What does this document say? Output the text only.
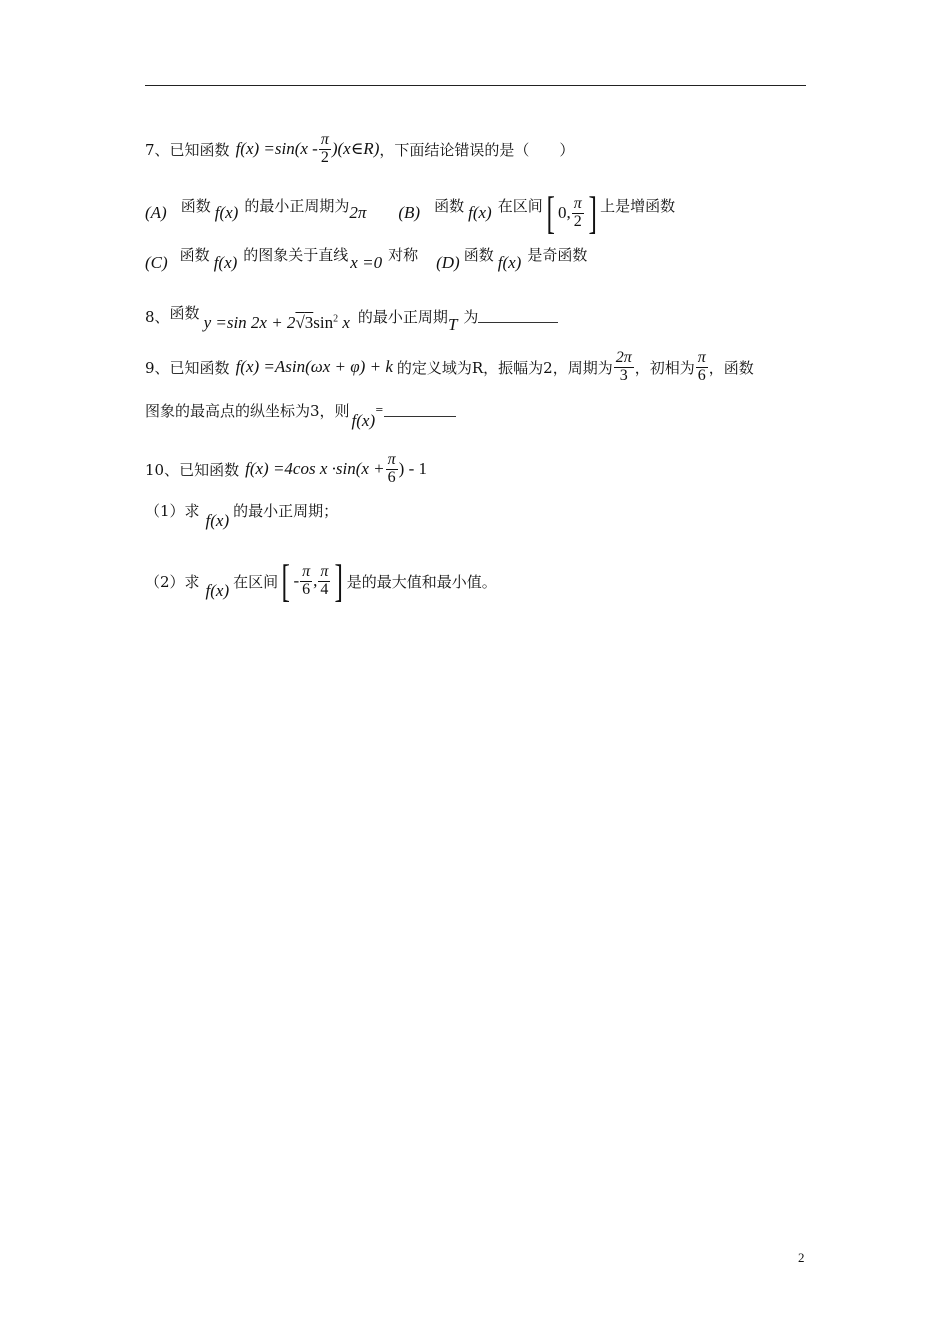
7、 已知函数 $f(x) =\sin(x - \frac{\pi}{2}$ )(x∈R) ，下面结论错误的是（　　）
(A) 函数 f(x) 的最小正周期为 2π (B) 函数 f(x) 在区间 [ 0, $\frac{\pi}{2}$ ] 上是增函数
(C) 函数 f(x) 的图象关于直线 x =0 对称 (D) 函数 f(x) 是奇函数
8、 函数 y =sin $2x + 2√3\sin^2$ x 的最小正周期 T 为
9、 已知函数 f(x) =Asin(ωx + φ) + k 的定义域为R，振幅为2，周期为 $\frac{2\pi}{3}$ ，初相为 $\frac{\pi}{6}$ ，函数
图象的最高点的纵坐标为3，则 f(x) =
10、 已知函数 f(x) =4cos $x \cdot\sin(x + \frac{\pi}{6}$ ) - 1
（1）求 f(x) 的最小正周期；
（2）求 f(x) 在区间 [ - $\frac{\pi}{6}$ , $\frac{\pi}{4}$ ] 是的最大值和最小值。
2
